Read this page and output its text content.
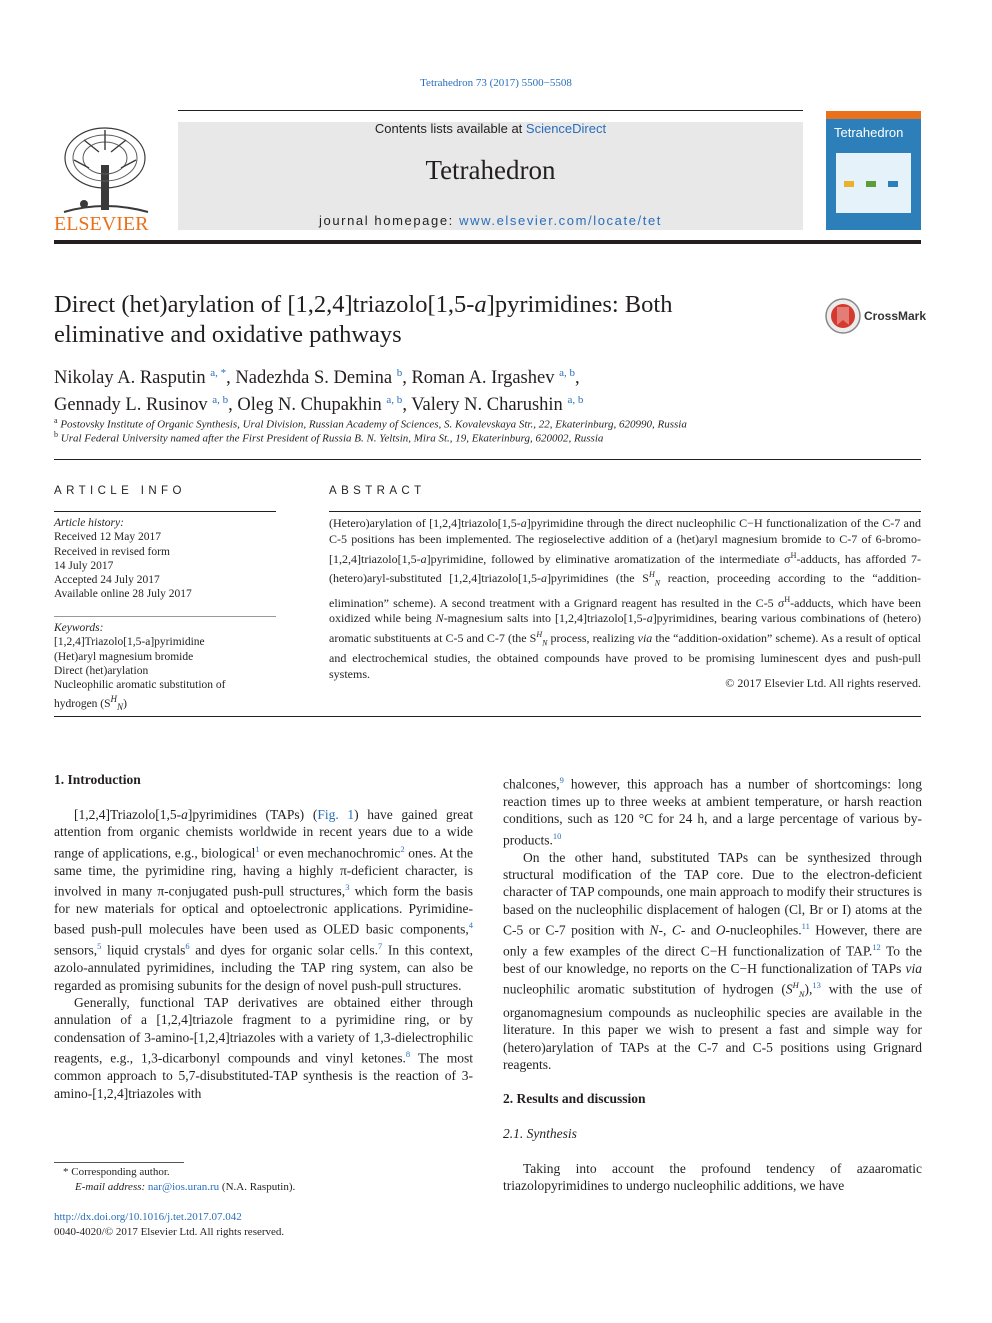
Tetrahedron 73 (2017) 5500−5508
ELSEVIER
Contents lists available at ScienceDirect
Tetrahedron
journal homepage: www.elsevier.com/locate/tet
Tetrahedron
Direct (het)arylation of [1,2,4]triazolo[1,5-a]pyrimidines: Both
eliminative and oxidative pathways
CrossMark
Nikolay A. Rasputin $^{a, *}$, Nadezhda S. Demina $^b$, Roman A. Irgashev $^{a, b}$,
Gennady L. Rusinov $^{a, b}$, Oleg N. Chupakhin $^{a, b}$, Valery N. Charushin $^{a, b}$
$^a$ Postovsky Institute of Organic Synthesis, Ural Division, Russian Academy of Sciences, S. Kovalevskaya Str., 22, Ekaterinburg, 620990, Russia
$^b$ Ural Federal University named after the First President of Russia B. N. Yeltsin, Mira St., 19, Ekaterinburg, 620002, Russia
ARTICLE INFO
Article history:
Received 12 May 2017
Received in revised form
14 July 2017
Accepted 24 July 2017
Available online 28 July 2017
Keywords:
[1,2,4]Triazolo[1,5-a]pyrimidine
(Het)aryl magnesium bromide
Direct (het)arylation
Nucleophilic aromatic substitution of
hydrogen $(S^H_N)$
ABSTRACT
(Hetero)arylation of [1,2,4]triazolo[1,5-a]pyrimidine through the direct nucleophilic C−H functionalization of the C-7 and C-5 positions has been implemented. The regioselective addition of a (het)aryl magnesium bromide to C-7 of 6-bromo-[1,2,4]triazolo[1,5-a]pyrimidine, followed by eliminative aromatization of the intermediate $\sigma^H$-adducts, has afforded 7-(hetero)aryl-substituted [1,2,4]triazolo[1,5-a]pyrimidines (the $S^H_N$ reaction, proceeding according to the “addition-elimination” scheme). A second treatment with a Grignard reagent has resulted in the C-5 $\sigma^H$-adducts, which have been oxidized while being N-magnesium salts into [1,2,4]triazolo[1,5-a]pyrimidines, bearing various combinations of (hetero) aromatic substituents at C-5 and C-7 (the $S^H_N$ process, realizing via the “addition-oxidation” scheme). As a result of optical and electrochemical studies, the obtained compounds have proved to be promising luminescent dyes and push-pull systems.
© 2017 Elsevier Ltd. All rights reserved.
1. Introduction

[1,2,4]Triazolo[1,5-a]pyrimidines (TAPs) (Fig. 1) have gained great attention from organic chemists worldwide in recent years due to a wide range of applications, e.g., biological$^1$ or even mechanochromic$^2$ ones. At the same time, the pyrimidine ring, having a highly π-deficient character, is involved in many π-conjugated push-pull structures,$^3$ which form the basis for new materials for optical and optoelectronic applications. Pyrimidine-based push-pull molecules have been used as OLED basic components,$^4$ sensors,$^5$ liquid crystals$^6$ and dyes for organic solar cells.$^7$ In this context, azolo-annulated pyrimidines, including the TAP ring system, can also be regarded as promising subunits for the design of novel push-pull structures.

Generally, functional TAP derivatives are obtained either through annulation of a [1,2,4]triazole fragment to a pyrimidine ring, or by condensation of 3-amino-[1,2,4]triazoles with a variety of 1,3-dielectrophilic reagents, e.g., 1,3-dicarbonyl compounds and vinyl ketones.$^8$ The most common approach to 5,7-disubstituted-TAP synthesis is the reaction of 3-amino-[1,2,4]triazoles with

chalcones,$^9$ however, this approach has a number of shortcomings: long reaction times up to three weeks at ambient temperature, or harsh reaction conditions, such as 120 °C for 24 h, and a large percentage of various by-products.$^{10}$

On the other hand, substituted TAPs can be synthesized through structural modification of the TAP core. Due to the electron-deficient character of TAP compounds, one main approach to modify their structures is based on the nucleophilic displacement of halogen (Cl, Br or I) atoms at the C-5 or C-7 position with N-, C- and O-nucleophiles.$^{11}$ However, there are only a few examples of the direct C−H functionalization of TAP.$^{12}$ To the best of our knowledge, no reports on the C−H functionalization of TAPs via nucleophilic aromatic substitution of hydrogen $(S^H_N),^{13}$ with the use of organomagnesium compounds as nucleophilic species are available in the literature. In this paper we wish to present a fast and simple way for (hetero)arylation of TAPs at the C-7 and C-5 positions using Grignard reagents.

2. Results and discussion
2.1. Synthesis

Taking into account the profound tendency of azaaromatic triazolopyrimidines to undergo nucleophilic additions, we have

* Corresponding author.
E-mail address: nar@ios.uran.ru (N.A. Rasputin).
http://dx.doi.org/10.1016/j.tet.2017.07.042
0040-4020/© 2017 Elsevier Ltd. All rights reserved.
